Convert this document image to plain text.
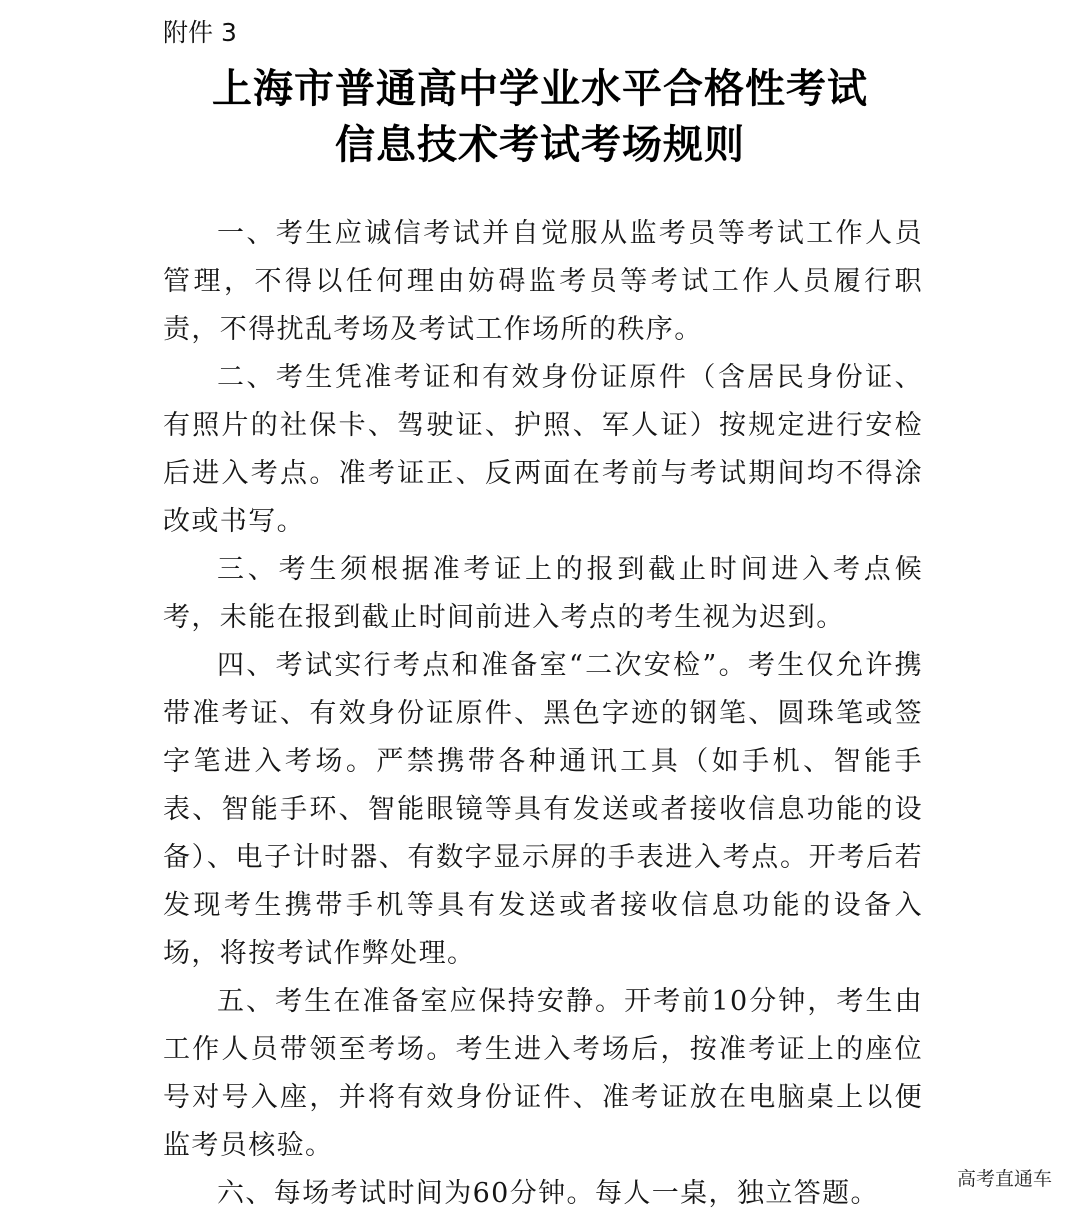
附件 3
上海市普通高中学业水平合格性考试
信息技术考试考场规则

一、考生应诚信考试并自觉服从监考员等考试工作人员管理，不得以任何理由妨碍监考员等考试工作人员履行职责，不得扰乱考场及考试工作场所的秩序。

二、考生凭准考证和有效身份证原件（含居民身份证、有照片的社保卡、驾驶证、护照、军人证）按规定进行安检后进入考点。准考证正、反两面在考前与考试期间均不得涂改或书写。

三、考生须根据准考证上的报到截止时间进入考点候考，未能在报到截止时间前进入考点的考生视为迟到。

四、考试实行考点和准备室“二次安检”。考生仅允许携带准考证、有效身份证原件、黑色字迹的钢笔、圆珠笔或签字笔进入考场。严禁携带各种通讯工具（如手机、智能手表、智能手环、智能眼镜等具有发送或者接收信息功能的设备）、电子计时器、有数字显示屏的手表进入考点。开考后若发现考生携带手机等具有发送或者接收信息功能的设备入场，将按考试作弊处理。

五、考生在准备室应保持安静。开考前10分钟，考生由工作人员带领至考场。考生进入考场后，按准考证上的座位号对号入座，并将有效身份证件、准考证放在电脑桌上以便监考员核验。

六、每场考试时间为60分钟。每人一桌，独立答题。	高考直通车
